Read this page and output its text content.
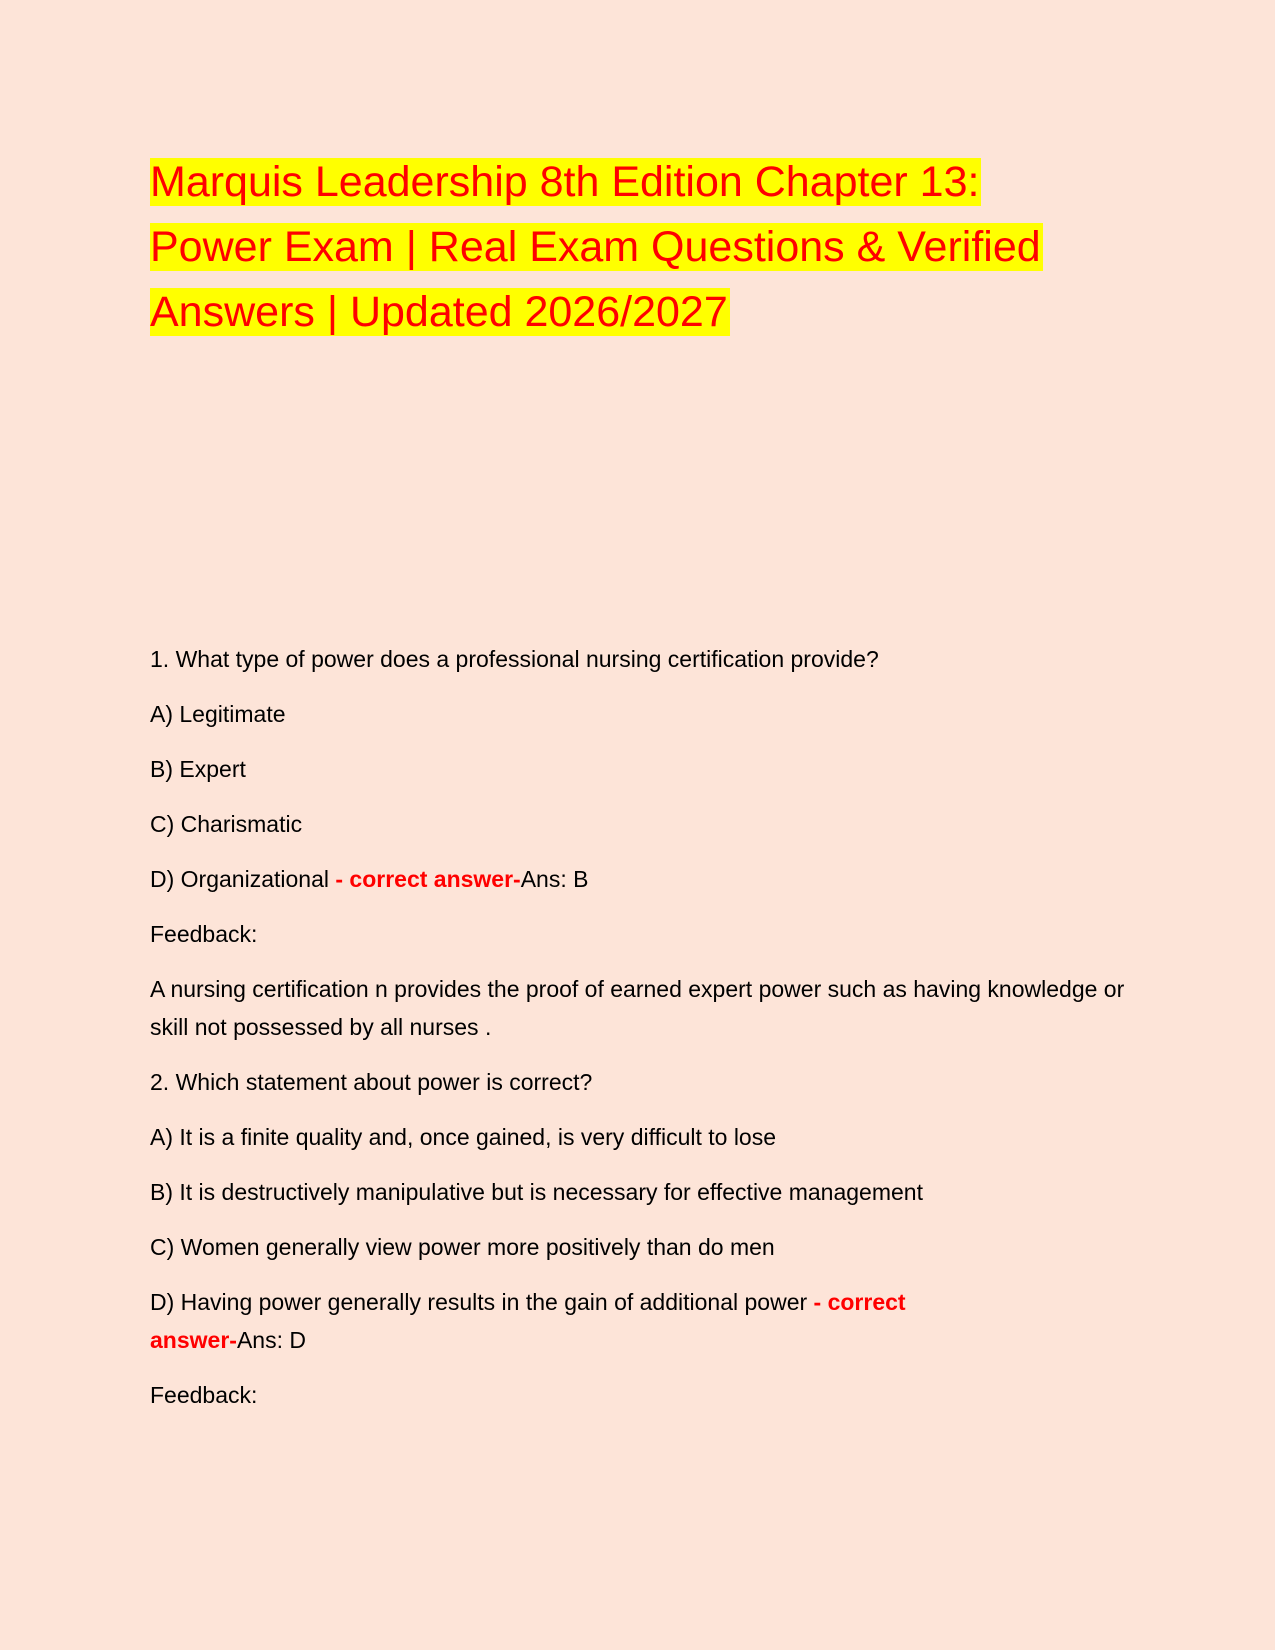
Marquis Leadership 8th Edition Chapter 13:
Power Exam | Real Exam Questions & Verified
Answers | Updated 2026/2027

1. What type of power does a professional nursing certification provide?

A) Legitimate

B) Expert

C) Charismatic

D) Organizational - correct answer-Ans: B

Feedback:

A nursing certification n provides the proof of earned expert power such as having knowledge or skill not possessed by all nurses .

2. Which statement about power is correct?

A) It is a finite quality and, once gained, is very difficult to lose

B) It is destructively manipulative but is necessary for effective management

C) Women generally view power more positively than do men

D) Having power generally results in the gain of additional power - correct answer-Ans: D

Feedback:
